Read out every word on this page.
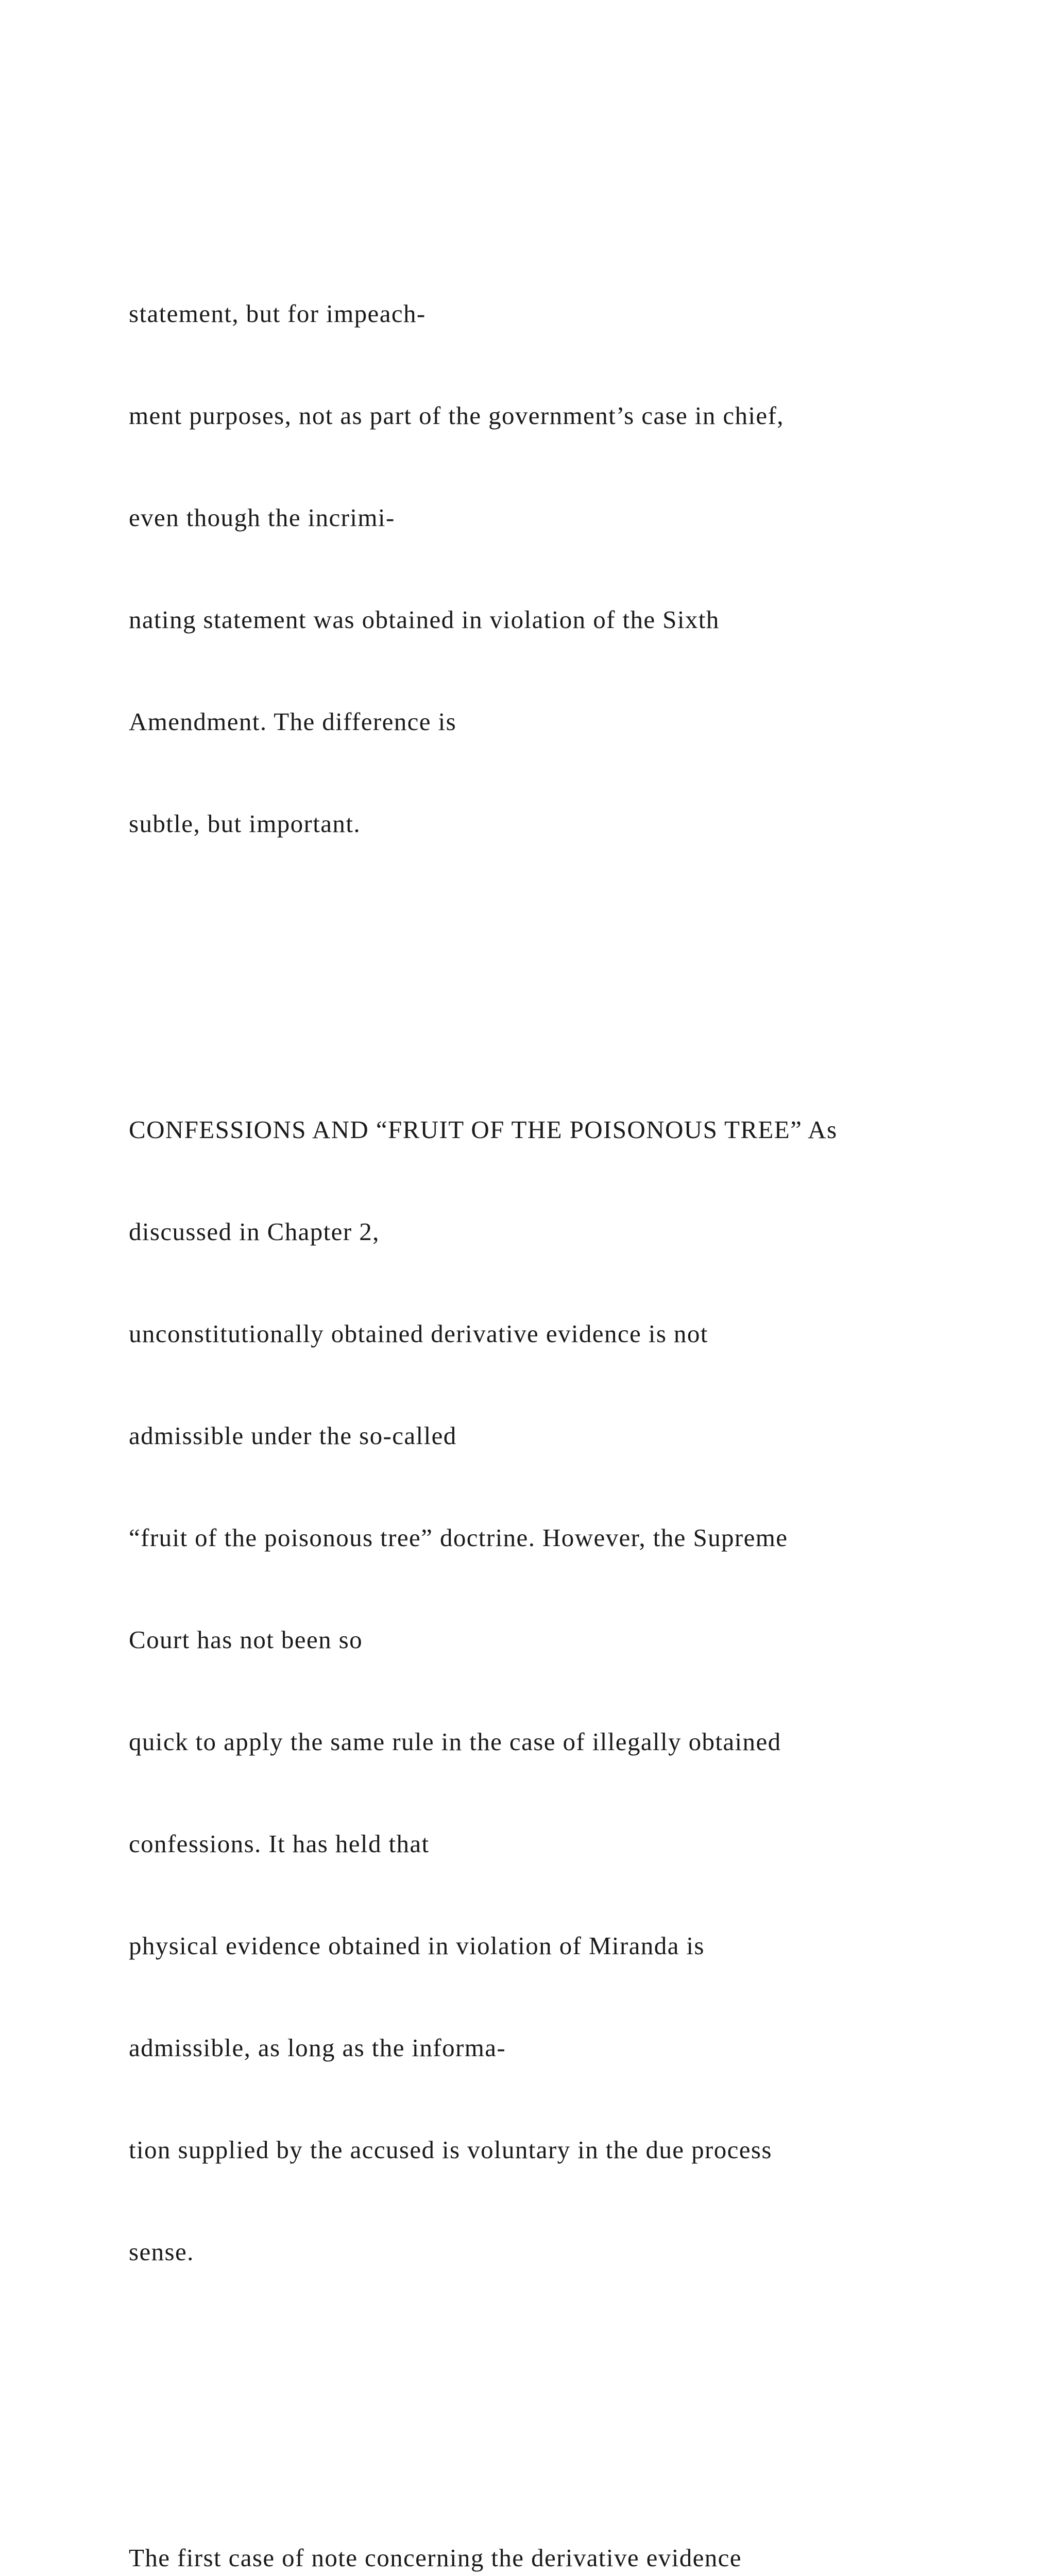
statement, but for impeach-

ment purposes, not as part of the government’s case in chief,

even though the incrimi-

nating statement was obtained in violation of the Sixth

Amendment. The difference is

subtle, but important.

CONFESSIONS AND “FRUIT OF THE POISONOUS TREE” As

discussed in Chapter 2,

unconstitutionally obtained derivative evidence is not

admissible under the so-called

“fruit of the poisonous tree” doctrine. However, the Supreme

Court has not been so

quick to apply the same rule in the case of illegally obtained

confessions. It has held that

physical evidence obtained in violation of Miranda is

admissible, as long as the informa-

tion supplied by the accused is voluntary in the due process

sense.

The first case of note concerning the derivative evidence
